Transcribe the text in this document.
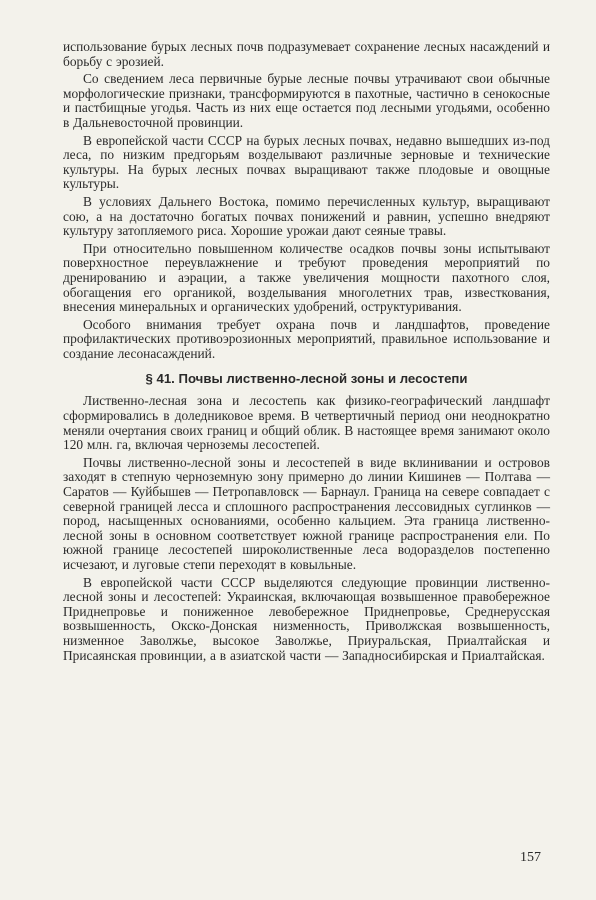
использование бурых лесных почв подразумевает сохранение лесных насаждений и борьбу с эрозией.

Со сведением леса первичные бурые лесные почвы утрачивают свои обычные морфологические признаки, трансформируются в пахотные, частично в сенокосные и пастбищные угодья. Часть из них еще остается под лесными угодьями, особенно в Дальневосточной провинции.

В европейской части СССР на бурых лесных почвах, недавно вышедших из-под леса, по низким предгорьям возделывают различные зерновые и технические культуры. На бурых лесных почвах выращивают также плодовые и овощные культуры.

В условиях Дальнего Востока, помимо перечисленных культур, выращивают сою, а на достаточно богатых почвах понижений и равнин, успешно внедряют культуру затопляемого риса. Хорошие урожаи дают сеяные травы.

При относительно повышенном количестве осадков почвы зоны испытывают поверхностное переувлажнение и требуют проведения мероприятий по дренированию и аэрации, а также увеличения мощности пахотного слоя, обогащения его органикой, возделывания многолетних трав, известкования, внесения минеральных и органических удобрений, оструктуривания.

Особого внимания требует охрана почв и ландшафтов, проведение профилактических противоэрозионных мероприятий, правильное использование и создание лесонасаждений.

§ 41. Почвы лиственно-лесной зоны и лесостепи

Лиственно-лесная зона и лесостепь как физико-географический ландшафт сформировались в доледниковое время. В четвертичный период они неоднократно меняли очертания своих границ и общий облик. В настоящее время занимают около 120 млн. га, включая черноземы лесостепей.

Почвы лиственно-лесной зоны и лесостепей в виде вклинивании и островов заходят в степную черноземную зону примерно до линии Кишинев — Полтава — Саратов — Куйбышев — Петропавловск — Барнаул. Граница на севере совпадает с северной границей лесса и сплошного распространения лессовидных суглинков — пород, насыщенных основаниями, особенно кальцием. Эта граница лиственно-лесной зоны в основном соответствует южной границе распространения ели. По южной границе лесостепей широколиственные леса водоразделов постепенно исчезают, и луговые степи переходят в ковыльные.

В европейской части СССР выделяются следующие провинции лиственно-лесной зоны и лесостепей: Украинская, включающая возвышенное правобережное Приднепровье и пониженное левобережное Приднепровье, Среднерусская возвышенность, Окско-Донская низменность, Приволжская возвышенность, низменное Заволжье, высокое Заволжье, Приуральская, Приалтайская и Присаянская провинции, а в азиатской части — Западносибирская и Приалтайская.

157
